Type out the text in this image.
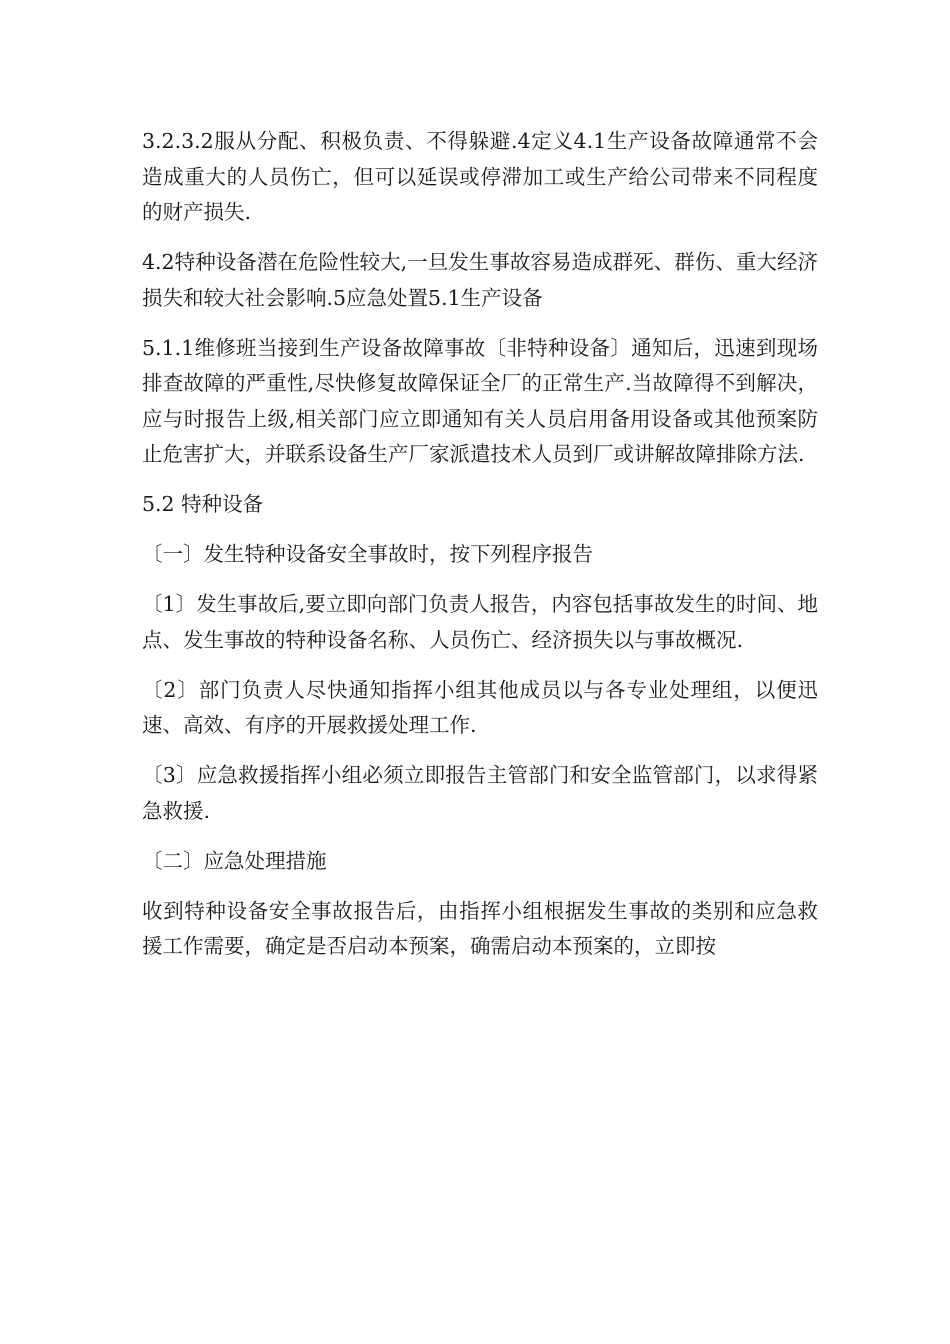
3.2.3.2服从分配、积极负责、不得躲避.4定义4.1生产设备故障通常不会造成重大的人员伤亡，但可以延误或停滞加工或生产给公司带来不同程度的财产损失.

4.2特种设备潜在危险性较大,一旦发生事故容易造成群死、群伤、重大经济损失和较大社会影响.5应急处置5.1生产设备

5.1.1维修班当接到生产设备故障事故〔非特种设备〕通知后，迅速到现场排查故障的严重性,尽快修复故障保证全厂的正常生产.当故障得不到解决，应与时报告上级,相关部门应立即通知有关人员启用备用设备或其他预案防止危害扩大，并联系设备生产厂家派遣技术人员到厂或讲解故障排除方法.

5.2 特种设备

〔一〕发生特种设备安全事故时，按下列程序报告

〔1〕发生事故后,要立即向部门负责人报告，内容包括事故发生的时间、地点、发生事故的特种设备名称、人员伤亡、经济损失以与事故概况.

〔2〕部门负责人尽快通知指挥小组其他成员以与各专业处理组，以便迅速、高效、有序的开展救援处理工作.

〔3〕应急救援指挥小组必须立即报告主管部门和安全监管部门，以求得紧急救援.

〔二〕应急处理措施

收到特种设备安全事故报告后，由指挥小组根据发生事故的类别和应急救援工作需要，确定是否启动本预案，确需启动本预案的，立即按
